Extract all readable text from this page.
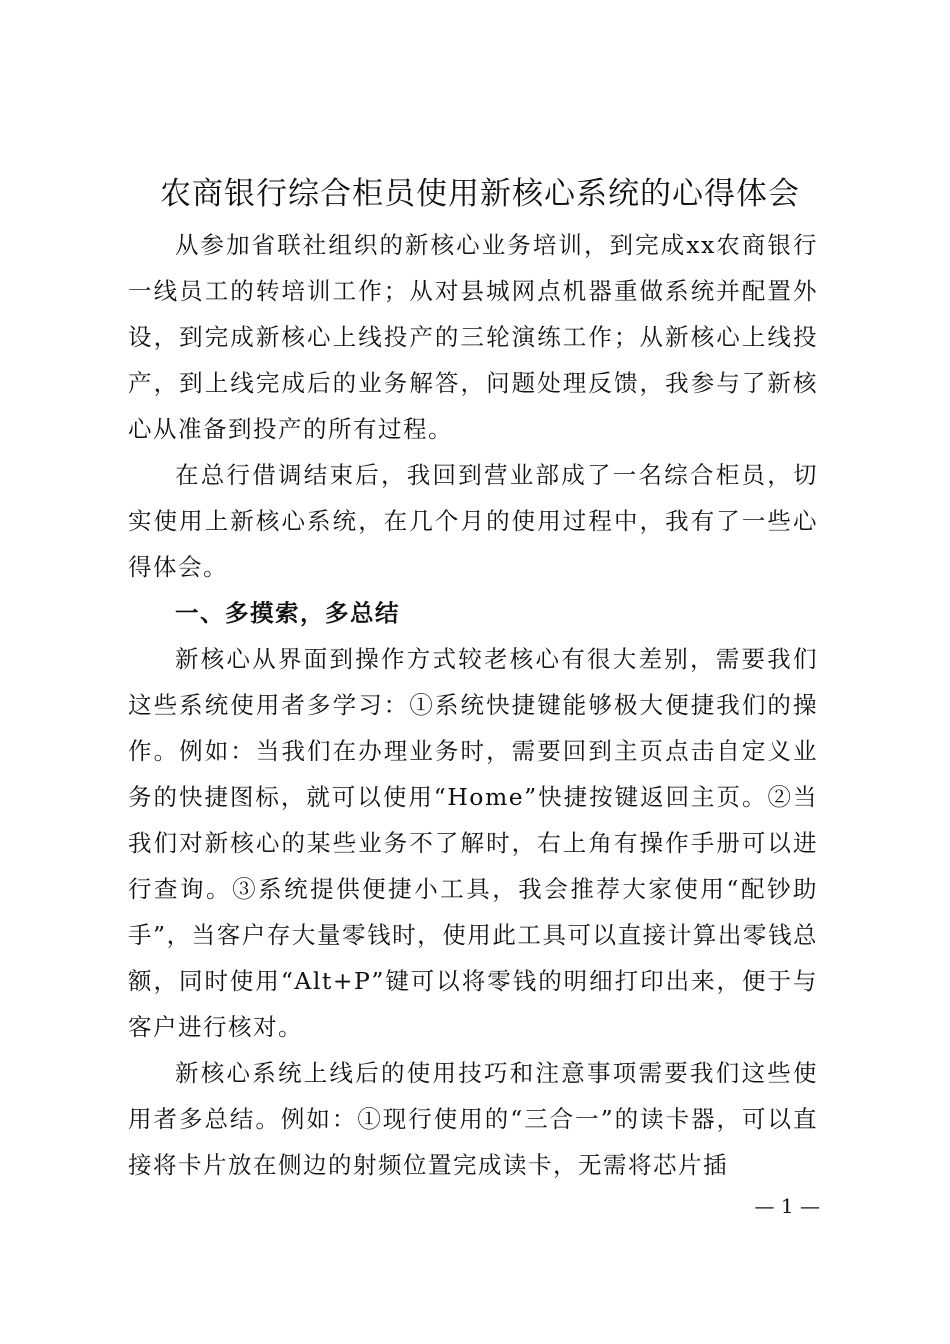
农商银行综合柜员使用新核心系统的心得体会

从参加省联社组织的新核心业务培训，到完成xx农商银行一线员工的转培训工作；从对县城网点机器重做系统并配置外设，到完成新核心上线投产的三轮演练工作；从新核心上线投产，到上线完成后的业务解答，问题处理反馈，我参与了新核心从准备到投产的所有过程。

在总行借调结束后，我回到营业部成了一名综合柜员，切实使用上新核心系统，在几个月的使用过程中，我有了一些心得体会。

一、多摸索，多总结

新核心从界面到操作方式较老核心有很大差别，需要我们这些系统使用者多学习：①系统快捷键能够极大便捷我们的操作。例如：当我们在办理业务时，需要回到主页点击自定义业务的快捷图标，就可以使用“Home”快捷按键返回主页。②当我们对新核心的某些业务不了解时，右上角有操作手册可以进行查询。③系统提供便捷小工具，我会推荐大家使用“配钞助手”，当客户存大量零钱时，使用此工具可以直接计算出零钱总额，同时使用“Alt+P”键可以将零钱的明细打印出来，便于与客户进行核对。

新核心系统上线后的使用技巧和注意事项需要我们这些使用者多总结。例如：①现行使用的“三合一”的读卡器，可以直接将卡片放在侧边的射频位置完成读卡，无需将芯片插

— 1 —
